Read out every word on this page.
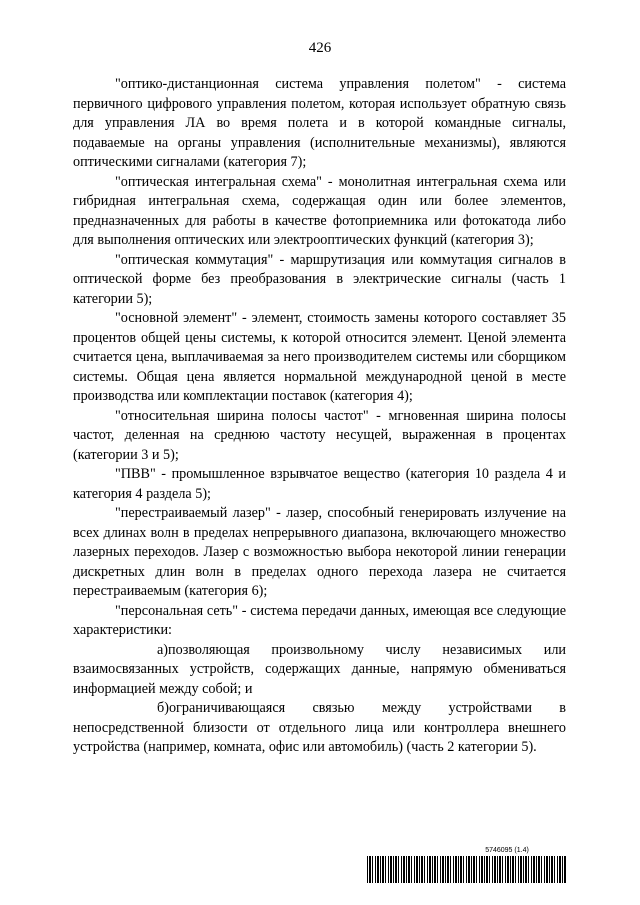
426

"оптико-дистанционная система управления полетом" - система первичного цифрового управления полетом, которая использует обратную связь для управления ЛА во время полета и в которой командные сигналы, подаваемые на органы управления (исполнительные механизмы), являются оптическими сигналами (категория 7);

"оптическая интегральная схема" - монолитная интегральная схема или гибридная интегральная схема, содержащая один или более элементов, предназначенных для работы в качестве фотоприемника или фотокатода либо для выполнения оптических или электрооптических функций (категория 3);

"оптическая коммутация" - маршрутизация или коммутация сигналов в оптической форме без преобразования в электрические сигналы (часть 1 категории 5);

"основной элемент" - элемент, стоимость замены которого составляет 35 процентов общей цены системы, к которой относится элемент. Ценой элемента считается цена, выплачиваемая за него производителем системы или сборщиком системы. Общая цена является нормальной международной ценой в месте производства или комплектации поставок (категория 4);

"относительная ширина полосы частот" - мгновенная ширина полосы частот, деленная на среднюю частоту несущей, выраженная в процентах (категории 3 и 5);

"ПВВ" - промышленное взрывчатое вещество (категория 10 раздела 4 и категория 4 раздела 5);

"перестраиваемый лазер" - лазер, способный генерировать излучение на всех длинах волн в пределах непрерывного диапазона, включающего множество лазерных переходов. Лазер с возможностью выбора некоторой линии генерации дискретных длин волн в пределах одного перехода лазера не считается перестраиваемым (категория 6);

"персональная сеть" - система передачи данных, имеющая все следующие характеристики:

а)позволяющая произвольному числу независимых или взаимосвязанных устройств, содержащих данные, напрямую обмениваться информацией между собой; и

б)ограничивающаяся связью между устройствами в непосредственной близости от отдельного лица или контроллера внешнего устройства (например, комната, офис или автомобиль) (часть 2 категории 5).

5746095 (1.4)
